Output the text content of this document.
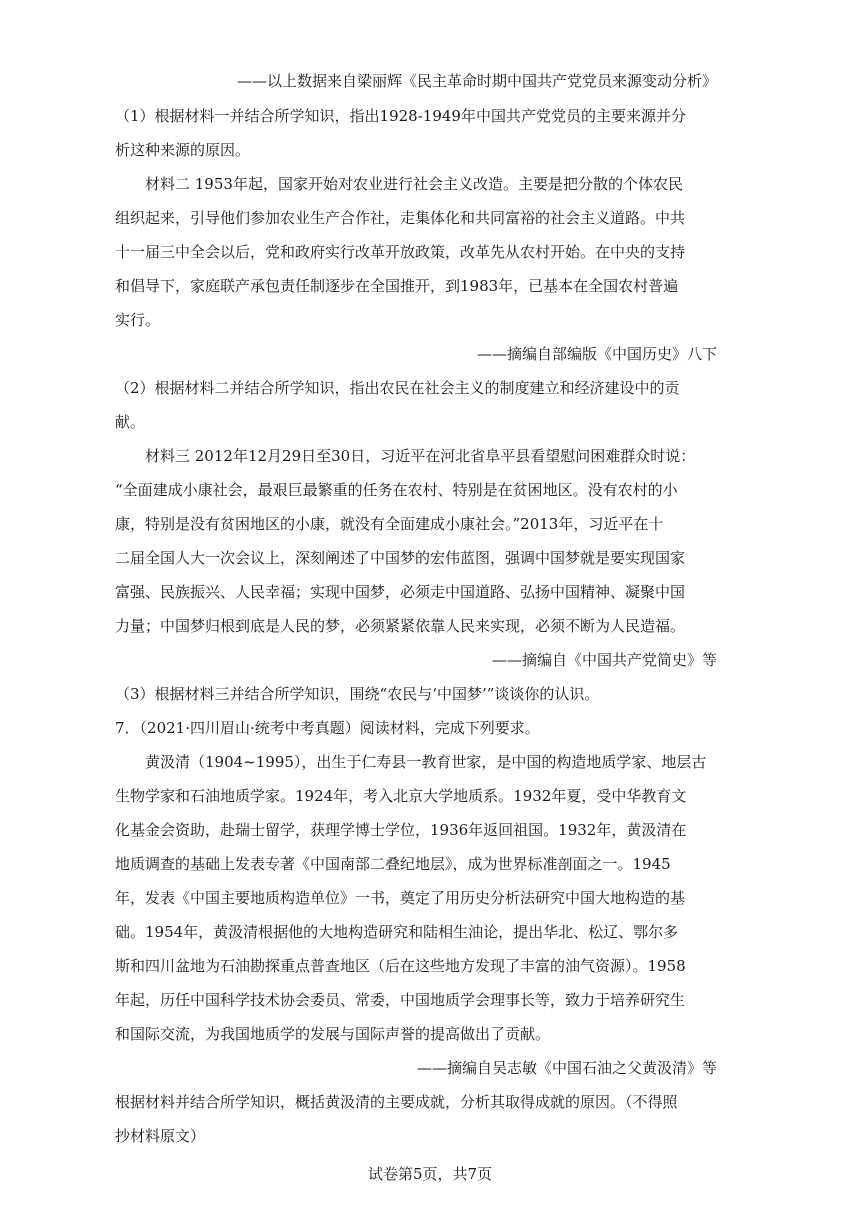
——以上数据来自梁丽辉《民主革命时期中国共产党党员来源变动分析》
（1）根据材料一并结合所学知识，指出1928-1949年中国共产党党员的主要来源并分
析这种来源的原因。
材料二 1953年起，国家开始对农业进行社会主义改造。主要是把分散的个体农民
组织起来，引导他们参加农业生产合作社，走集体化和共同富裕的社会主义道路。中共
十一届三中全会以后，党和政府实行改革开放政策，改革先从农村开始。在中央的支持
和倡导下，家庭联产承包责任制逐步在全国推开，到1983年，已基本在全国农村普遍
实行。
——摘编自部编版《中国历史》八下
（2）根据材料二并结合所学知识，指出农民在社会主义的制度建立和经济建设中的贡
献。
材料三 2012年12月29日至30日，习近平在河北省阜平县看望慰问困难群众时说：
“全面建成小康社会，最艰巨最繁重的任务在农村、特别是在贫困地区。没有农村的小
康，特别是没有贫困地区的小康，就没有全面建成小康社会。”2013年，习近平在十
二届全国人大一次会议上，深刻阐述了中国梦的宏伟蓝图，强调中国梦就是要实现国家
富强、民族振兴、人民幸福；实现中国梦，必须走中国道路、弘扬中国精神、凝聚中国
力量；中国梦归根到底是人民的梦，必须紧紧依靠人民来实现，必须不断为人民造福。
——摘编自《中国共产党简史》等
（3）根据材料三并结合所学知识，围绕“农民与‘中国梦’”谈谈你的认识。
7．（2021·四川眉山·统考中考真题）阅读材料，完成下列要求。
黄汲清（1904~1995），出生于仁寿县一教育世家，是中国的构造地质学家、地层古
生物学家和石油地质学家。1924年，考入北京大学地质系。1932年夏，受中华教育文
化基金会资助，赴瑞士留学，获理学博士学位，1936年返回祖国。1932年，黄汲清在
地质调查的基础上发表专著《中国南部二叠纪地层》，成为世界标准剖面之一。1945
年，发表《中国主要地质构造单位》一书，奠定了用历史分析法研究中国大地构造的基
础。1954年，黄汲清根据他的大地构造研究和陆相生油论，提出华北、松辽、鄂尔多
斯和四川盆地为石油勘探重点普查地区（后在这些地方发现了丰富的油气资源）。1958
年起，历任中国科学技术协会委员、常委，中国地质学会理事长等，致力于培养研究生
和国际交流，为我国地质学的发展与国际声誉的提高做出了贡献。
——摘编自吴志敏《中国石油之父黄汲清》等
根据材料并结合所学知识，概括黄汲清的主要成就，分析其取得成就的原因。（不得照
抄材料原文）
试卷第5页，共7页
